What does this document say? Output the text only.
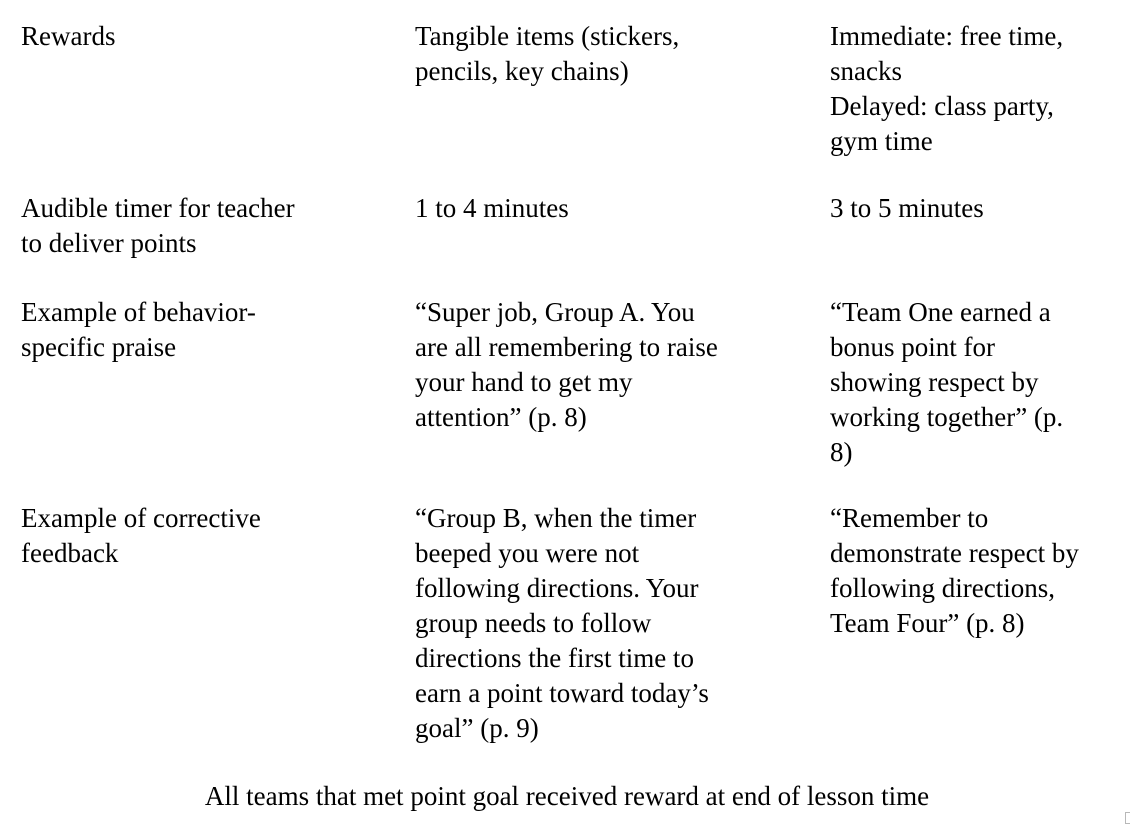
Rewards	Tangible items (stickers,
pencils, key chains)
Immediate: free time,
snacks
Delayed: class party,
gym time
Audible timer for teacher
to deliver points
1 to 4 minutes	3 to 5 minutes
Example of behavior-
specific praise
“Super job, Group A. You
are all remembering to raise
your hand to get my
attention” (p. 8)
“Team One earned a
bonus point for
showing respect by
working together” (p.
8)
Example of corrective
feedback
“Group B, when the timer
beeped you were not
following directions. Your
group needs to follow
directions the first time to
earn a point toward today’s
goal” (p. 9)
“Remember to
demonstrate respect by
following directions,
Team Four” (p. 8)
All teams that met point goal received reward at end of lesson time
